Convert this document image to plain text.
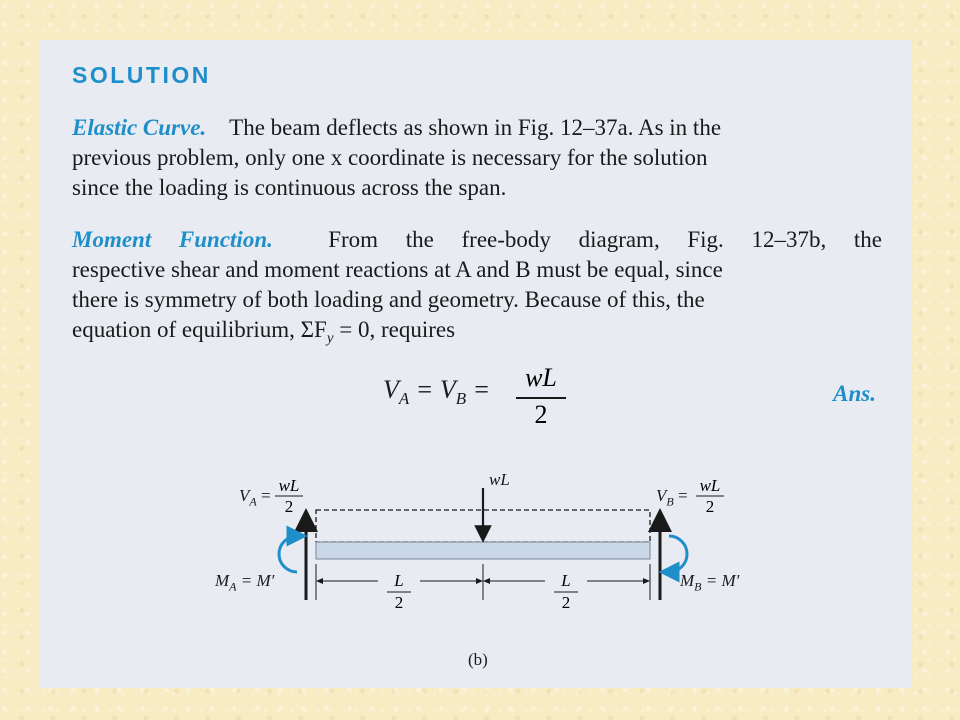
SOLUTION
Elastic Curve. The beam deflects as shown in Fig. 12–37a. As in the
previous problem, only one x coordinate is necessary for the solution
since the loading is continuous across the span.
Moment Function. From the free-body diagram, Fig. 12–37b, the
respective shear and moment reactions at A and B must be equal, since
there is symmetry of both loading and geometry. Because of this, the
equation of equilibrium, $\Sigma F_y = 0$, requires
$V_A = V_B$ =	wL
2
Ans.
wL
$V_A$ =
wL
2
$V_B$ =
wL
2
$M_A = M'$	$M_B = M'$
L
2
L
2
(b)
